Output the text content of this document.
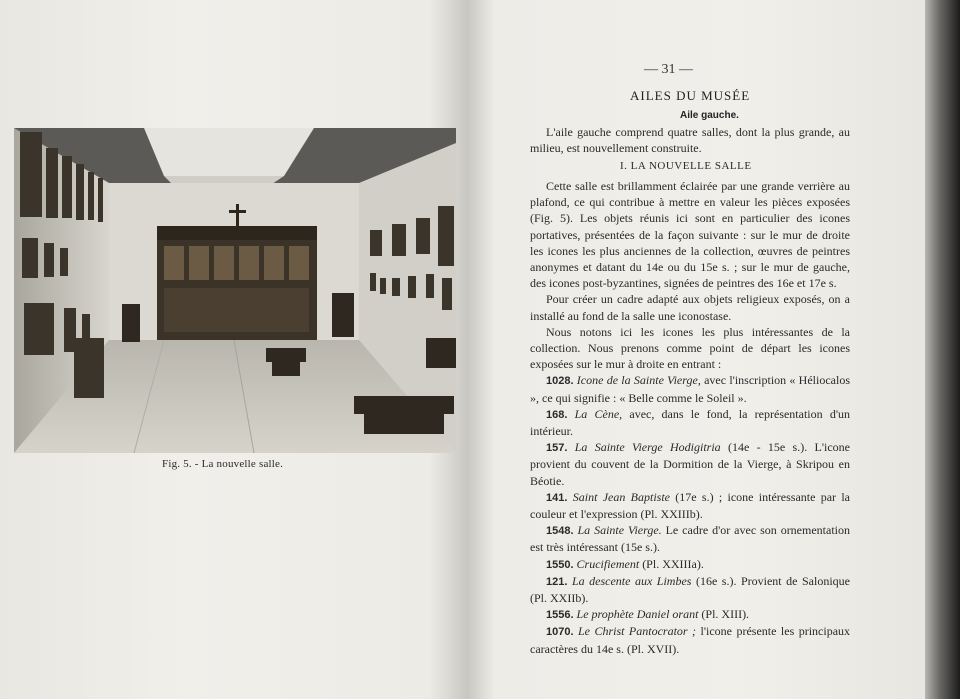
Fig. 5. - La nouvelle salle.
— 31 —
AILES DU MUSÉE
Aile gauche.

L'aile gauche comprend quatre salles, dont la plus grande, au milieu, est nouvellement construite.

I. LA NOUVELLE SALLE

Cette salle est brillamment éclairée par une grande verrière au plafond, ce qui contribue à mettre en valeur les pièces exposées (Fig. 5). Les objets réunis ici sont en particulier des icones portatives, présentées de la façon suivante : sur le mur de droite les icones les plus anciennes de la collection, œuvres de peintres anonymes et datant du 14e ou du 15e s. ; sur le mur de gauche, des icones post-byzantines, signées de peintres des 16e et 17e s.

Pour créer un cadre adapté aux objets religieux exposés, on a installé au fond de la salle une iconostase.

Nous notons ici les icones les plus intéressantes de la collection. Nous prenons comme point de départ les icones exposées sur le mur à droite en entrant :

1028. Icone de la Sainte Vierge, avec l'inscription « Héliocalos », ce qui signifie : « Belle comme le Soleil ».

168. La Cène, avec, dans le fond, la représentation d'un intérieur.

157. La Sainte Vierge Hodigitria (14e - 15e s.). L'icone provient du couvent de la Dormition de la Vierge, à Skripou en Béotie.

141. Saint Jean Baptiste (17e s.) ; icone intéressante par la couleur et l'expression (Pl. XXIIIb).

1548. La Sainte Vierge. Le cadre d'or avec son ornementation est très intéressant (15e s.).

1550. Crucifiement (Pl. XXIIIa).

121. La descente aux Limbes (16e s.). Provient de Salonique (Pl. XXIIb).

1556. Le prophète Daniel orant (Pl. XIII).

1070. Le Christ Pantocrator ; l'icone présente les principaux caractères du 14e s. (Pl. XVII).
